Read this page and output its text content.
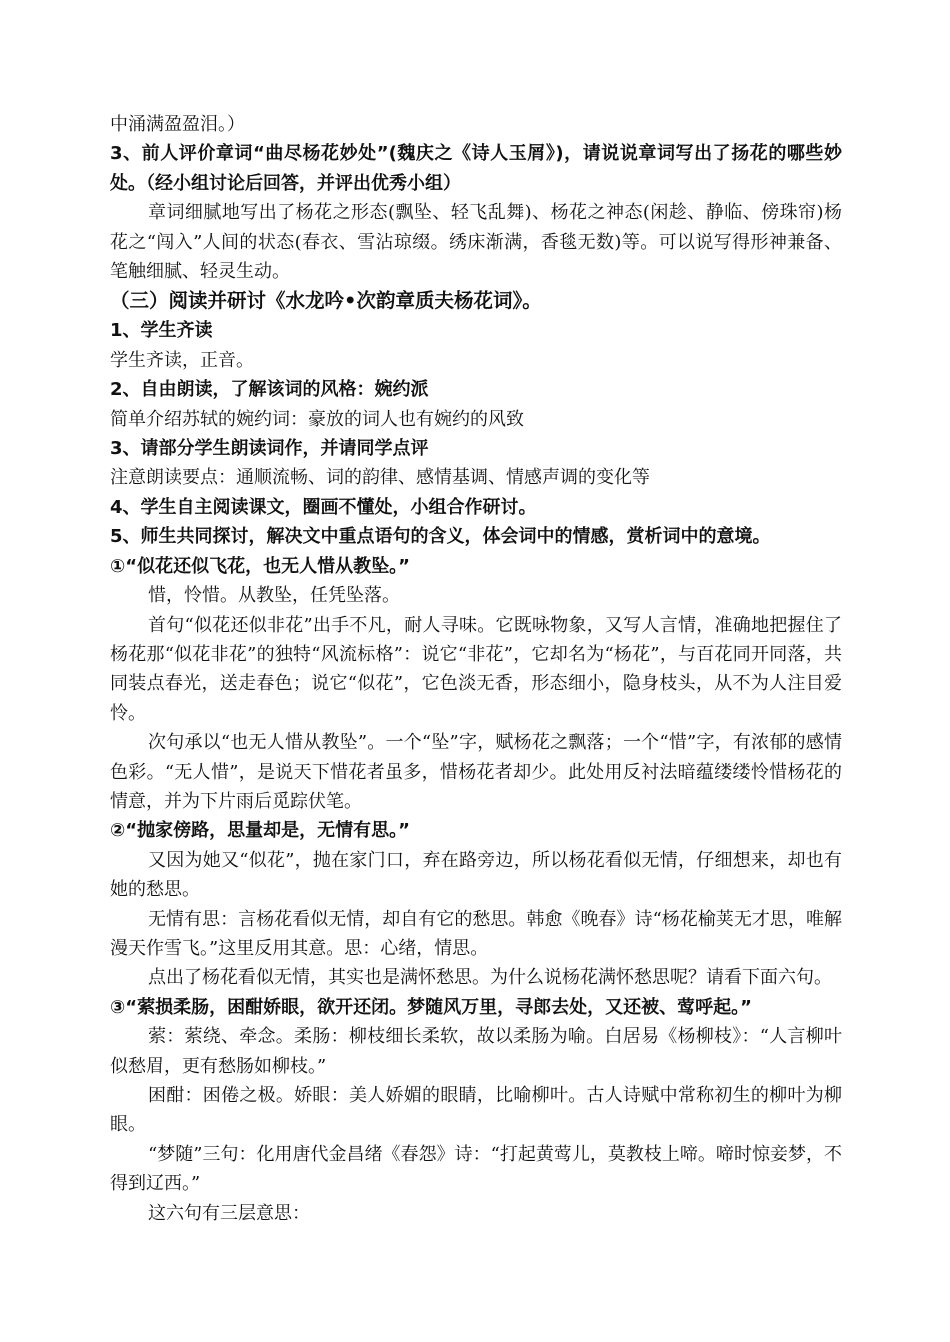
中涌满盈盈泪。）

3、前人评价章词“曲尽杨花妙处”(魏庆之《诗人玉屑》)，请说说章词写出了扬花的哪些妙处。（经小组讨论后回答，并评出优秀小组）

章词细腻地写出了杨花之形态(飘坠、轻飞乱舞)、杨花之神态(闲趁、静临、傍珠帘)杨花之“闯入”人间的状态(春衣、雪沾琼缀。绣床渐满，香毯无数)等。可以说写得形神兼备、笔触细腻、轻灵生动。

（三）阅读并研讨《水龙吟•次韵章质夫杨花词》。

1、学生齐读

学生齐读，正音。

2、自由朗读，了解该词的风格：婉约派

简单介绍苏轼的婉约词：豪放的词人也有婉约的风致

3、请部分学生朗读词作，并请同学点评

注意朗读要点：通顺流畅、词的韵律、感情基调、情感声调的变化等

4、学生自主阅读课文，圈画不懂处，小组合作研讨。

5、师生共同探讨，解决文中重点语句的含义，体会词中的情感，赏析词中的意境。

①“似花还似飞花，也无人惜从教坠。”

惜，怜惜。从教坠，任凭坠落。

首句“似花还似非花”出手不凡，耐人寻味。它既咏物象，又写人言情，准确地把握住了杨花那“似花非花”的独特“风流标格”：说它“非花”，它却名为“杨花”，与百花同开同落，共同装点春光，送走春色；说它“似花”，它色淡无香，形态细小，隐身枝头，从不为人注目爱怜。

次句承以“也无人惜从教坠”。一个“坠”字，赋杨花之飘落；一个“惜”字，有浓郁的感情色彩。“无人惜”，是说天下惜花者虽多，惜杨花者却少。此处用反衬法暗蕴缕缕怜惜杨花的情意，并为下片雨后觅踪伏笔。

②“抛家傍路，思量却是，无情有思。”

又因为她又“似花”，抛在家门口，弃在路旁边，所以杨花看似无情，仔细想来，却也有她的愁思。

无情有思：言杨花看似无情，却自有它的愁思。韩愈《晚春》诗“杨花榆荚无才思，唯解漫天作雪飞。”这里反用其意。思：心绪，情思。

点出了杨花看似无情，其实也是满怀愁思。为什么说杨花满怀愁思呢？请看下面六句。

③“萦损柔肠，困酣娇眼，欲开还闭。梦随风万里，寻郎去处，又还被、莺呼起。”

萦：萦绕、牵念。柔肠：柳枝细长柔软，故以柔肠为喻。白居易《杨柳枝》：“人言柳叶似愁眉，更有愁肠如柳枝。”

困酣：困倦之极。娇眼：美人娇媚的眼睛，比喻柳叶。古人诗赋中常称初生的柳叶为柳眼。

“梦随”三句：化用唐代金昌绪《春怨》诗：“打起黄莺儿，莫教枝上啼。啼时惊妾梦，不得到辽西。”

这六句有三层意思：
